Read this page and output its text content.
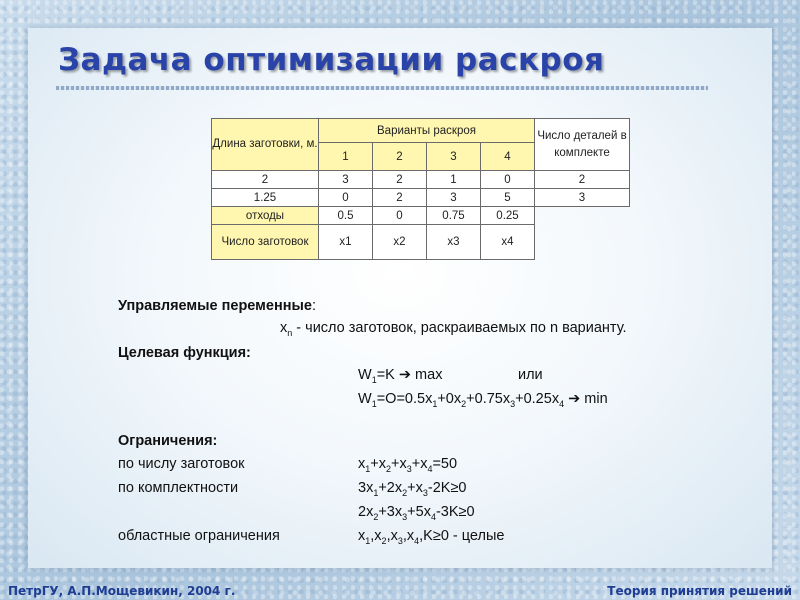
Задача оптимизации раскроя
Длина заготовки, м.	Варианты раскроя				Число деталей в комплекте
	1	2	3	4	
2	3	2	1	0	2
1.25	0	2	3	5	3
отходы	0.5	0	0.75	0.25	
Число заготовок	x1	x2	x3	x4	
Управляемые переменные:
$x_n$ - число заготовок, раскраиваемых по n варианту.
Целевая функция:
$W_1=K$ ➔ max	или
$W_1=O=0.5x_1+0x_2+0.75x_3+0.25x_4$ ➔ min
Ограничения:
по числу заготовок	$x_1+x_2+x_3+x_4=50$
по комплектности	$3x_1+2x_2+x_3-2K\ge 0$
$2x_2+3x_3+5x_4-3K\ge 0$
областные ограничения	$x_1,x_2,x_3,x_4,K\ge 0$ - целые
ПетрГУ, А.П.Мощевикин, 2004 г.	Теория принятия решений
